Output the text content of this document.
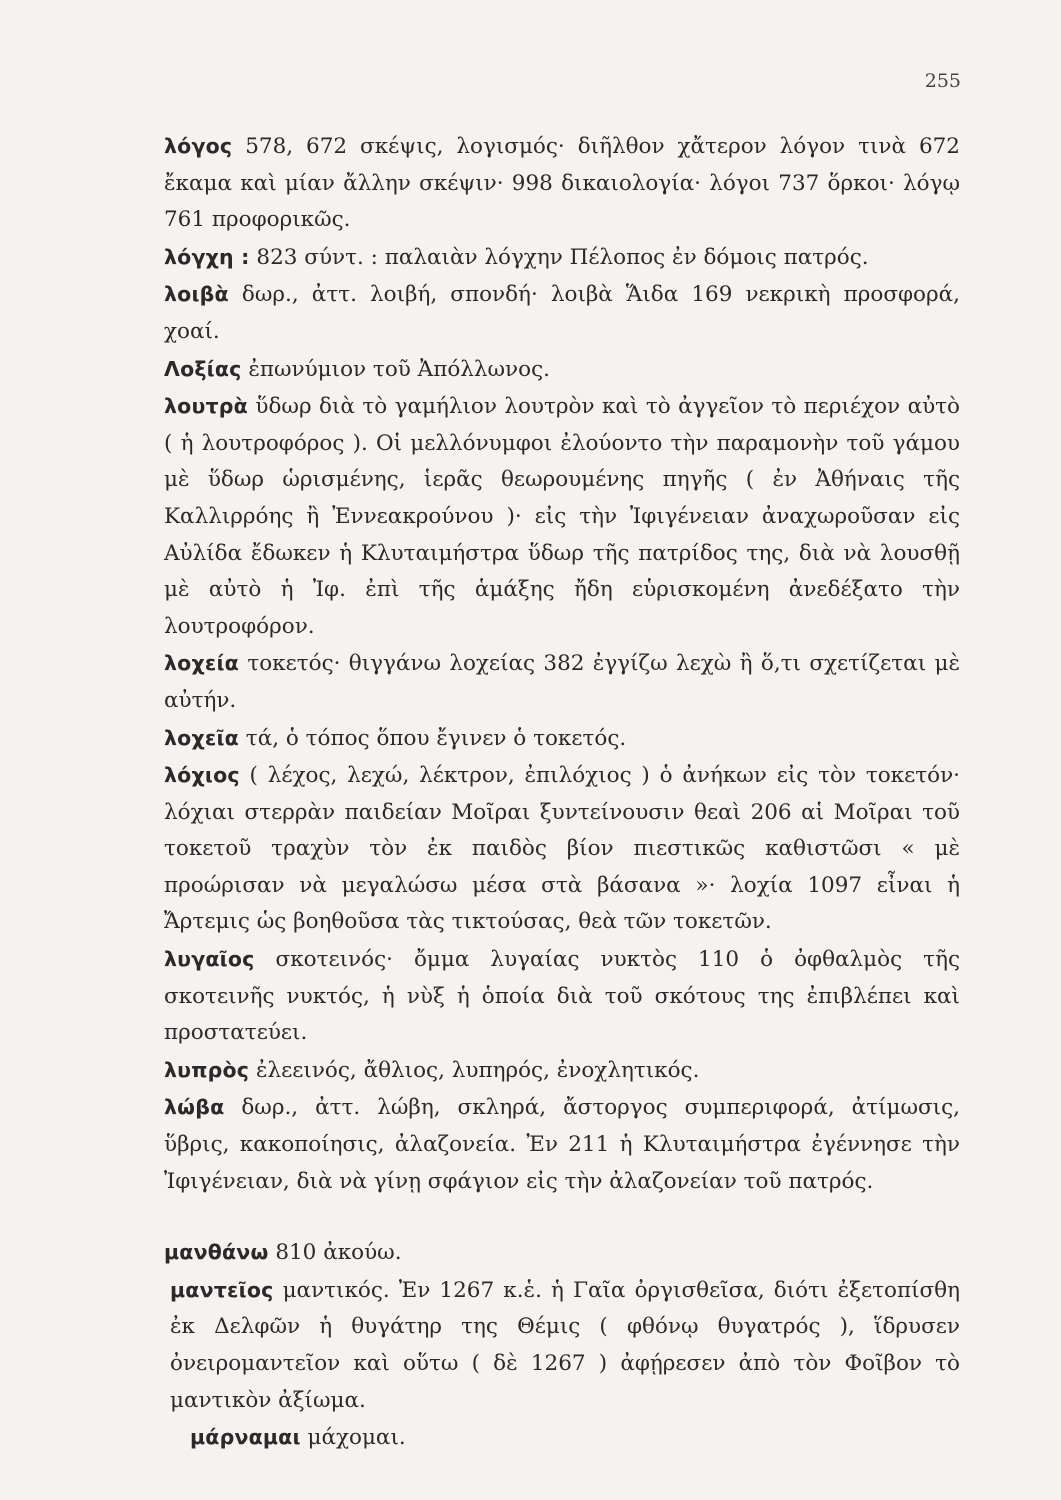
255

λόγος 578, 672 σκέψις, λογισμός· διῆλθον χἄτερον λόγον τινὰ 672 ἔκαμα καὶ μίαν ἄλλην σκέψιν· 998 δικαιολογία· λόγοι 737 ὅρκοι· λόγῳ 761 προφορικῶς.

λόγχη : 823 σύντ. : παλαιὰν λόγχην Πέλοπος ἐν δόμοις πατρός.

λοιβὰ δωρ., ἀττ. λοιβή, σπονδή· λοιβὰ Ἅιδα 169 νεκρικὴ προσφορά, χοαί.

Λοξίας ἐπωνύμιον τοῦ Ἀπόλλωνος.

λουτρὰ ὕδωρ διὰ τὸ γαμήλιον λουτρὸν καὶ τὸ ἀγγεῖον τὸ περιέχον αὐτὸ ( ἡ λουτροφόρος ). Οἱ μελλόνυμφοι ἐλούοντο τὴν παραμονὴν τοῦ γάμου μὲ ὕδωρ ὡρισμένης, ἱερᾶς θεωρουμένης πηγῆς ( ἐν Ἀθήναις τῆς Καλλιρρόης ἢ Ἐννεακρούνου )· εἰς τὴν Ἰφιγένειαν ἀναχωροῦσαν εἰς Αὐλίδα ἔδωκεν ἡ Κλυταιμήστρα ὕδωρ τῆς πατρίδος της, διὰ νὰ λουσθῇ μὲ αὐτὸ ἡ Ἰφ. ἐπὶ τῆς ἁμάξης ἤδη εὑρισκομένη ἀνεδέξατο τὴν λουτροφόρον.

λοχεία τοκετός· θιγγάνω λοχείας 382 ἐγγίζω λεχὼ ἢ ὅ,τι σχετίζεται μὲ αὐτήν.

λοχεῖα τά, ὁ τόπος ὅπου ἔγινεν ὁ τοκετός.

λόχιος ( λέχος, λεχώ, λέκτρον, ἐπιλόχιος ) ὁ ἀνήκων εἰς τὸν τοκετόν· λόχιαι στερρὰν παιδείαν Μοῖραι ξυντείνουσιν θεαὶ 206 αἱ Μοῖραι τοῦ τοκετοῦ τραχὺν τὸν ἐκ παιδὸς βίον πιεστικῶς καθιστῶσι « μὲ προώρισαν νὰ μεγαλώσω μέσα στὰ βάσανα »· λοχία 1097 εἶναι ἡ Ἄρτεμις ὡς βοηθοῦσα τὰς τικτούσας, θεὰ τῶν τοκετῶν.

λυγαῖος σκοτεινός· ὄμμα λυγαίας νυκτὸς 110 ὁ ὀφθαλμὸς τῆς σκοτεινῆς νυκτός, ἡ νὺξ ἡ ὁποία διὰ τοῦ σκότους της ἐπιβλέπει καὶ προστατεύει.

λυπρὸς ἐλεεινός, ἄθλιος, λυπηρός, ἐνοχλητικός.

λώβα δωρ., ἀττ. λώβη, σκληρά, ἄστοργος συμπεριφορά, ἀτίμωσις, ὕβρις, κακοποίησις, ἀλαζονεία. Ἐν 211 ἡ Κλυταιμήστρα ἐγέννησε τὴν Ἰφιγένειαν, διὰ νὰ γίνῃ σφάγιον εἰς τὴν ἀλαζονείαν τοῦ πατρός.

μανθάνω 810 ἀκούω.

μαντεῖος μαντικός. Ἐν 1267 κ.ἑ. ἡ Γαῖα ὀργισθεῖσα, διότι ἐξετοπίσθη ἐκ Δελφῶν ἡ θυγάτηρ της Θέμις ( φθόνῳ θυγατρός ), ἵδρυσεν ὀνειρομαντεῖον καὶ οὕτω ( δὲ 1267 ) ἀφῄρεσεν ἀπὸ τὸν Φοῖβον τὸ μαντικὸν ἀξίωμα.

μάρναμαι μάχομαι.
